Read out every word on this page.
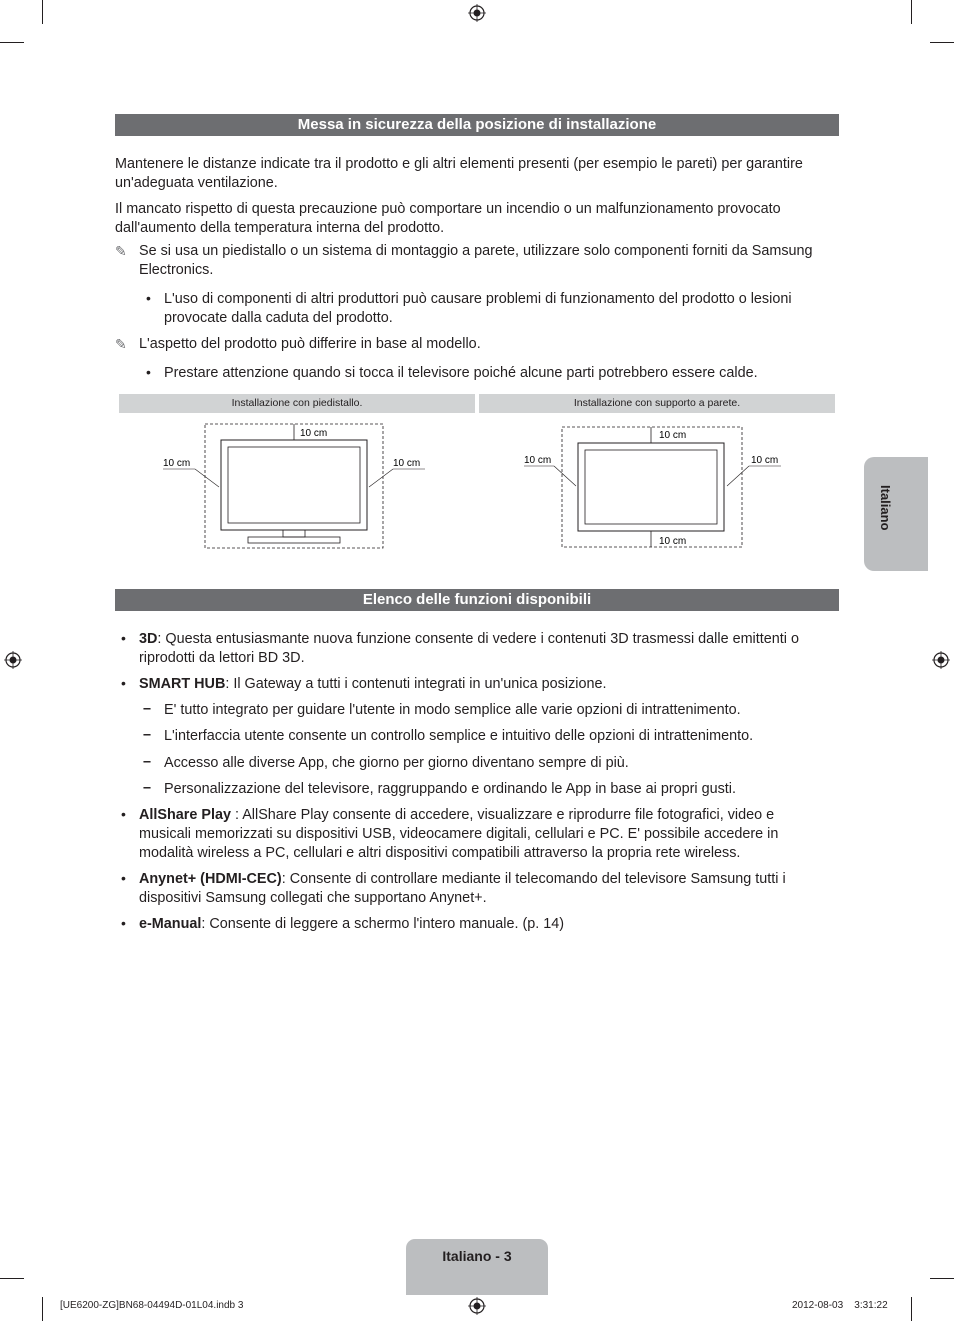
Messa in sicurezza della posizione di installazione

Mantenere le distanze indicate tra il prodotto e gli altri elementi presenti (per esempio le pareti) per garantire un'adeguata ventilazione.

Il mancato rispetto di questa precauzione può comportare un incendio o un malfunzionamento provocato dall'aumento della temperatura interna del prodotto.

✎ Se si usa un piedistallo o un sistema di montaggio a parete, utilizzare solo componenti forniti da Samsung Electronics.
• L'uso di componenti di altri produttori può causare problemi di funzionamento del prodotto o lesioni provocate dalla caduta del prodotto.
✎ L'aspetto del prodotto può differire in base al modello.
• Prestare attenzione quando si tocca il televisore poiché alcune parti potrebbero essere calde.
Installazione con piedistallo.	Installazione con supporto a parete.
10 cm
10 cm	10 cm
10 cm
10 cm	10 cm
10 cm
Italiano
Elenco delle funzioni disponibili
• 3D: Questa entusiasmante nuova funzione consente di vedere i contenuti 3D trasmessi dalle emittenti o riprodotti da lettori BD 3D.
• SMART HUB: Il Gateway a tutti i contenuti integrati in un'unica posizione.
– E' tutto integrato per guidare l'utente in modo semplice alle varie opzioni di intrattenimento.
– L'interfaccia utente consente un controllo semplice e intuitivo delle opzioni di intrattenimento.
– Accesso alle diverse App, che giorno per giorno diventano sempre di più.
– Personalizzazione del televisore, raggruppando e ordinando le App in base ai propri gusti.
• AllShare Play : AllShare Play consente di accedere, visualizzare e riprodurre file fotografici, video e musicali memorizzati su dispositivi USB, videocamere digitali, cellulari e PC. E' possibile accedere in modalità wireless a PC, cellulari e altri dispositivi compatibili attraverso la propria rete wireless.
• Anynet+ (HDMI-CEC): Consente di controllare mediante il telecomando del televisore Samsung tutti i dispositivi Samsung collegati che supportano Anynet+.
• e-Manual: Consente di leggere a schermo l'intero manuale. (p. 14)
Italiano - 3
[UE6200-ZG]BN68-04494D-01L04.indb 3	2012-08-03    3:31:22
